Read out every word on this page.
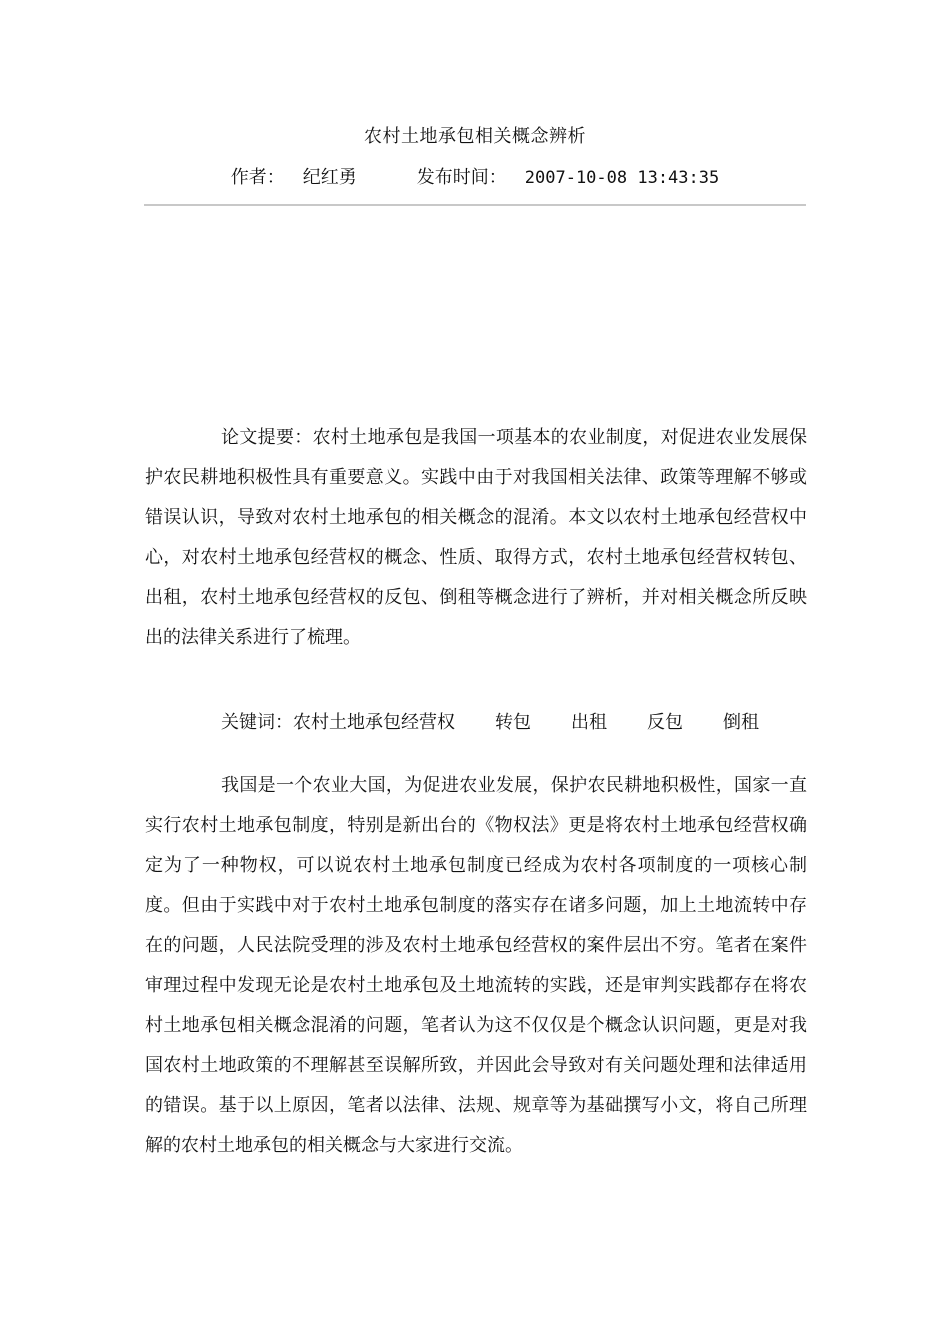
农村土地承包相关概念辨析
作者： 纪红勇	发布时间： 2007-10-08 13:43:35

论文提要：农村土地承包是我国一项基本的农业制度，对促进农业发展保护农民耕地积极性具有重要意义。实践中由于对我国相关法律、政策等理解不够或错误认识，导致对农村土地承包的相关概念的混淆。本文以农村土地承包经营权中心，对农村土地承包经营权的概念、性质、取得方式，农村土地承包经营权转包、出租，农村土地承包经营权的反包、倒租等概念进行了辨析，并对相关概念所反映出的法律关系进行了梳理。

关键词：农村土地承包经营权 转包 出租 反包 倒租

我国是一个农业大国，为促进农业发展，保护农民耕地积极性，国家一直实行农村土地承包制度，特别是新出台的《物权法》更是将农村土地承包经营权确定为了一种物权，可以说农村土地承包制度已经成为农村各项制度的一项核心制度。但由于实践中对于农村土地承包制度的落实存在诸多问题，加上土地流转中存在的问题，人民法院受理的涉及农村土地承包经营权的案件层出不穷。笔者在案件审理过程中发现无论是农村土地承包及土地流转的实践，还是审判实践都存在将农村土地承包相关概念混淆的问题，笔者认为这不仅仅是个概念认识问题，更是对我国农村土地政策的不理解甚至误解所致，并因此会导致对有关问题处理和法律适用的错误。基于以上原因，笔者以法律、法规、规章等为基础撰写小文，将自己所理解的农村土地承包的相关概念与大家进行交流。
